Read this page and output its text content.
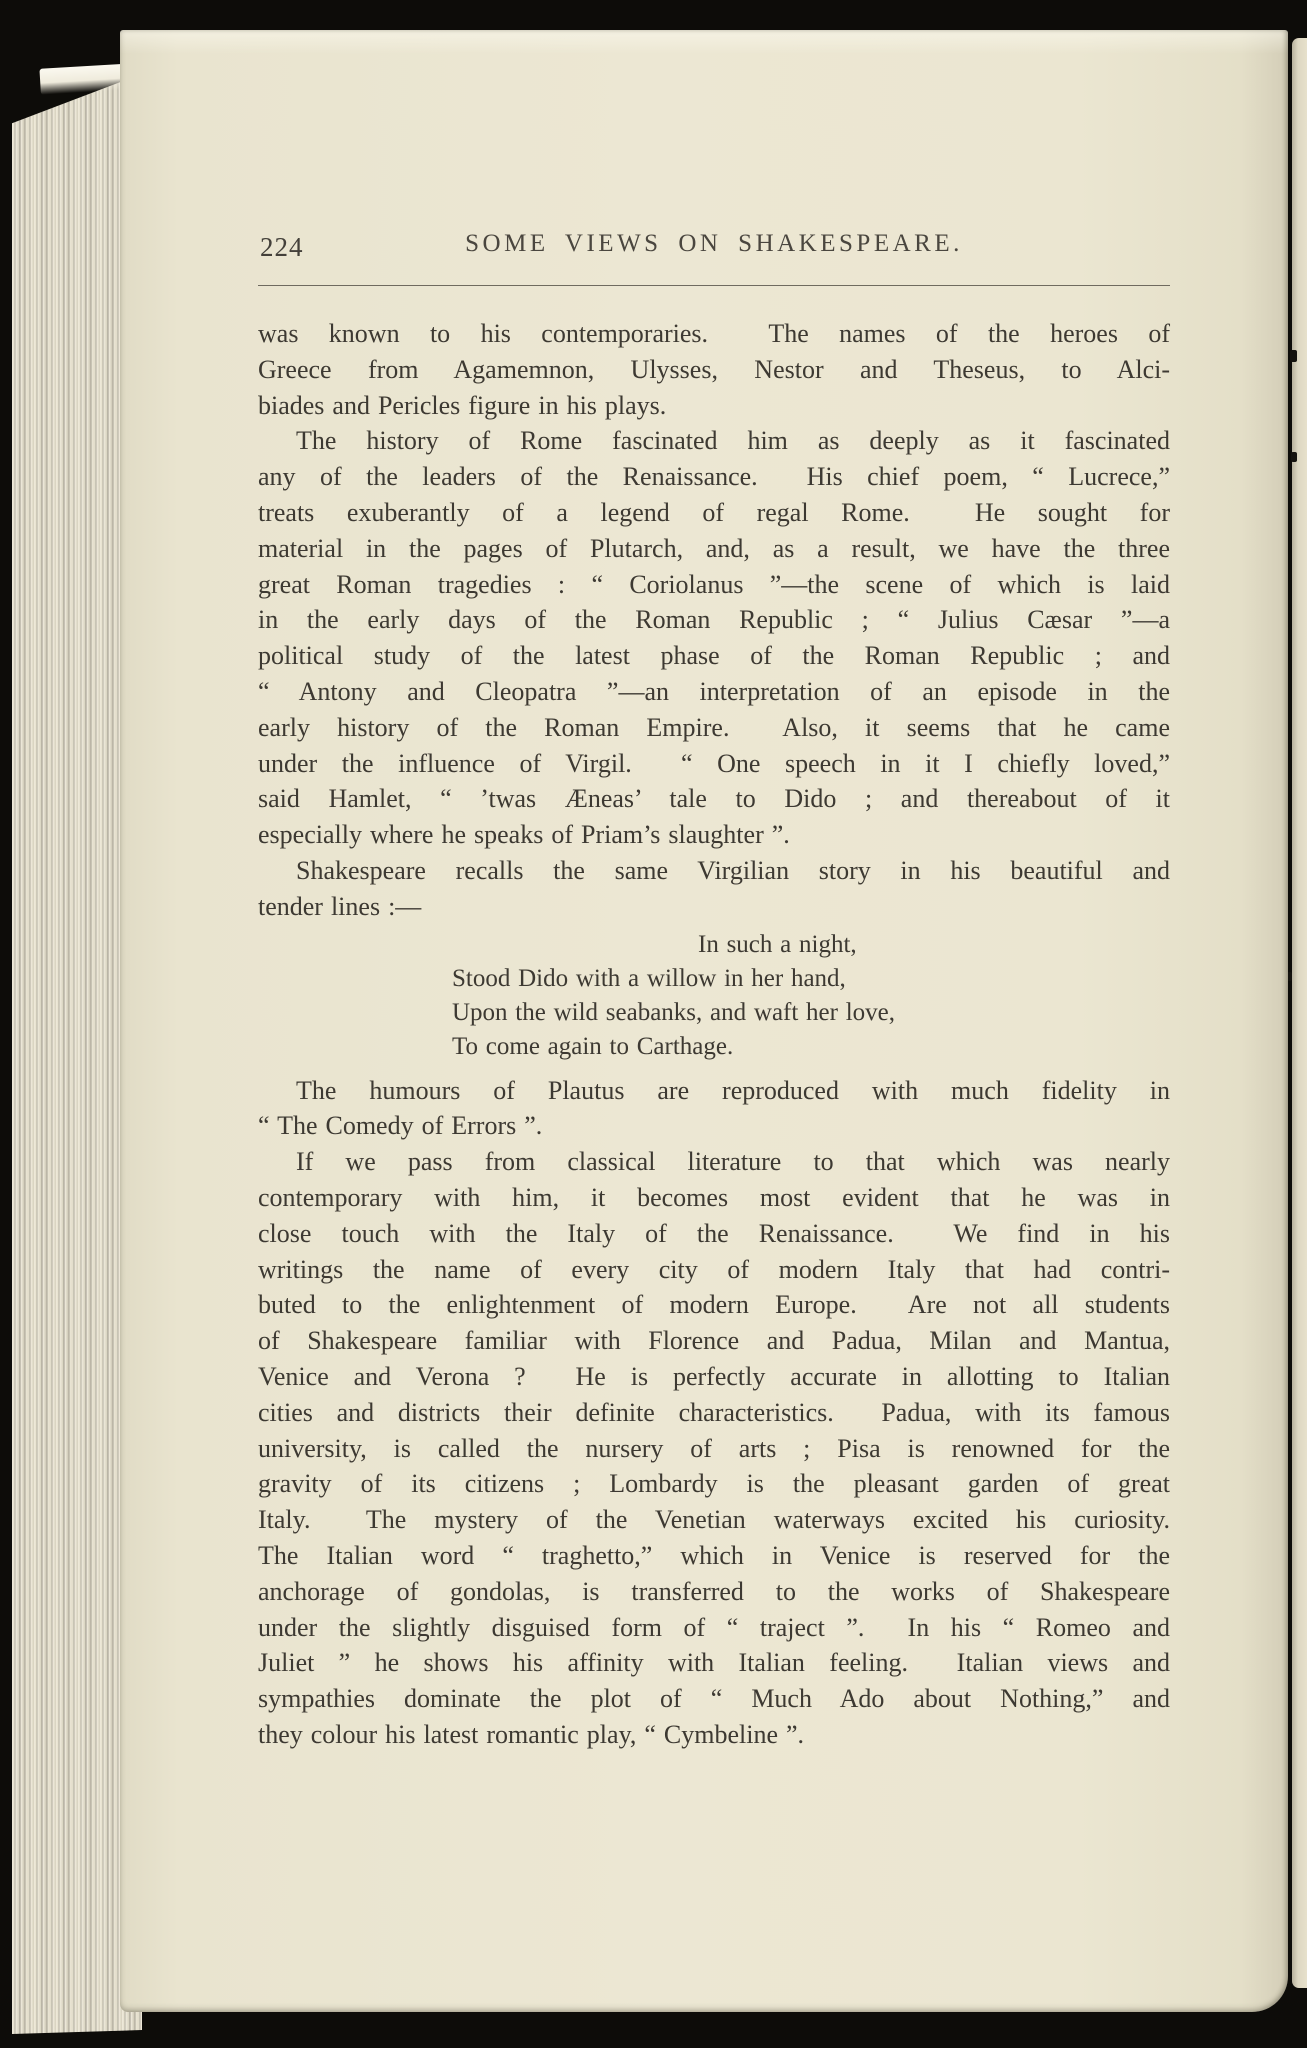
224	SOME VIEWS ON SHAKESPEARE.
was known to his contemporaries.  The names of the heroes of
Greece from Agamemnon, Ulysses, Nestor and Theseus, to Alci-
biades and Pericles figure in his plays.
The history of Rome fascinated him as deeply as it fascinated
any of the leaders of the Renaissance.  His chief poem, “ Lucrece,”
treats exuberantly of a legend of regal Rome.  He sought for
material in the pages of Plutarch, and, as a result, we have the three
great Roman tragedies : “ Coriolanus ”—the scene of which is laid
in the early days of the Roman Republic ; “ Julius Cæsar ”—a
political study of the latest phase of the Roman Republic ; and
“ Antony and Cleopatra ”—an interpretation of an episode in the
early history of the Roman Empire.  Also, it seems that he came
under the influence of Virgil.  “ One speech in it I chiefly loved,”
said Hamlet, “ ’twas Æneas’ tale to Dido ; and thereabout of it
especially where he speaks of Priam’s slaughter ”.
Shakespeare recalls the same Virgilian story in his beautiful and
tender lines :—
In such a night,
Stood Dido with a willow in her hand,
Upon the wild seabanks, and waft her love,
To come again to Carthage.
The humours of Plautus are reproduced with much fidelity in
“ The Comedy of Errors ”.
If we pass from classical literature to that which was nearly
contemporary with him, it becomes most evident that he was in
close touch with the Italy of the Renaissance.  We find in his
writings the name of every city of modern Italy that had contri-
buted to the enlightenment of modern Europe.  Are not all students
of Shakespeare familiar with Florence and Padua, Milan and Mantua,
Venice and Verona ?  He is perfectly accurate in allotting to Italian
cities and districts their definite characteristics.  Padua, with its famous
university, is called the nursery of arts ; Pisa is renowned for the
gravity of its citizens ; Lombardy is the pleasant garden of great
Italy.  The mystery of the Venetian waterways excited his curiosity.
The Italian word “ traghetto,” which in Venice is reserved for the
anchorage of gondolas, is transferred to the works of Shakespeare
under the slightly disguised form of “ traject ”.  In his “ Romeo and
Juliet ” he shows his affinity with Italian feeling.  Italian views and
sympathies dominate the plot of “ Much Ado about Nothing,” and
they colour his latest romantic play, “ Cymbeline ”.
